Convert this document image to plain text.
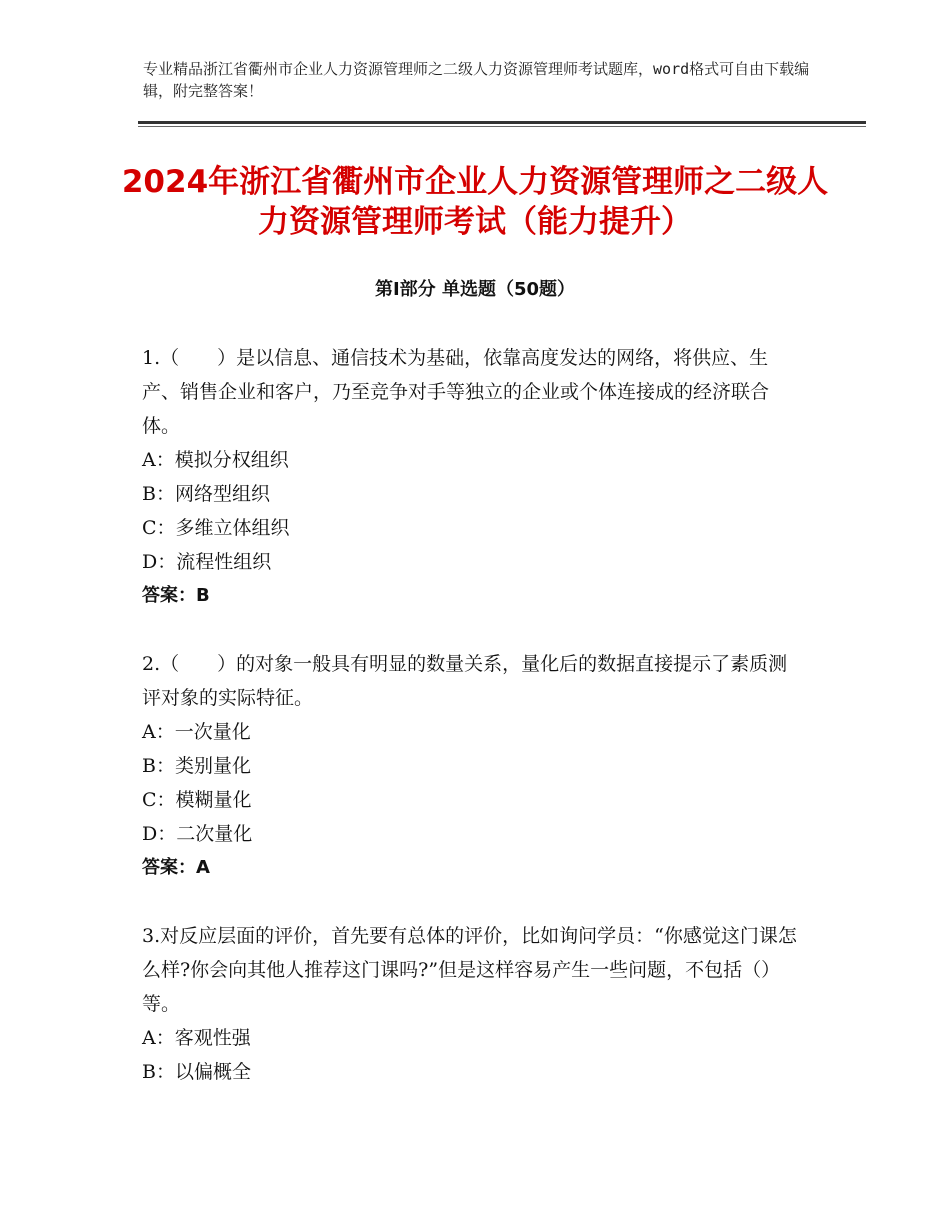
专业精品浙江省衢州市企业人力资源管理师之二级人力资源管理师考试题库，word格式可自由下载编辑，附完整答案！
2024年浙江省衢州市企业人力资源管理师之二级人力资源管理师考试（能力提升）
第Ⅰ部分 单选题（50题）

1.（　　）是以信息、通信技术为基础，依靠高度发达的网络，将供应、生产、销售企业和客户，乃至竞争对手等独立的企业或个体连接成的经济联合体。

A：模拟分权组织

B：网络型组织

C：多维立体组织

D：流程性组织

答案：B

2.（　　）的对象一般具有明显的数量关系，量化后的数据直接提示了素质测评对象的实际特征。

A：一次量化

B：类别量化

C：模糊量化

D：二次量化

答案：A

3.对反应层面的评价，首先要有总体的评价，比如询问学员：“你感觉这门课怎么样?你会向其他人推荐这门课吗?”但是这样容易产生一些问题，不包括（）等。

A：客观性强

B：以偏概全
